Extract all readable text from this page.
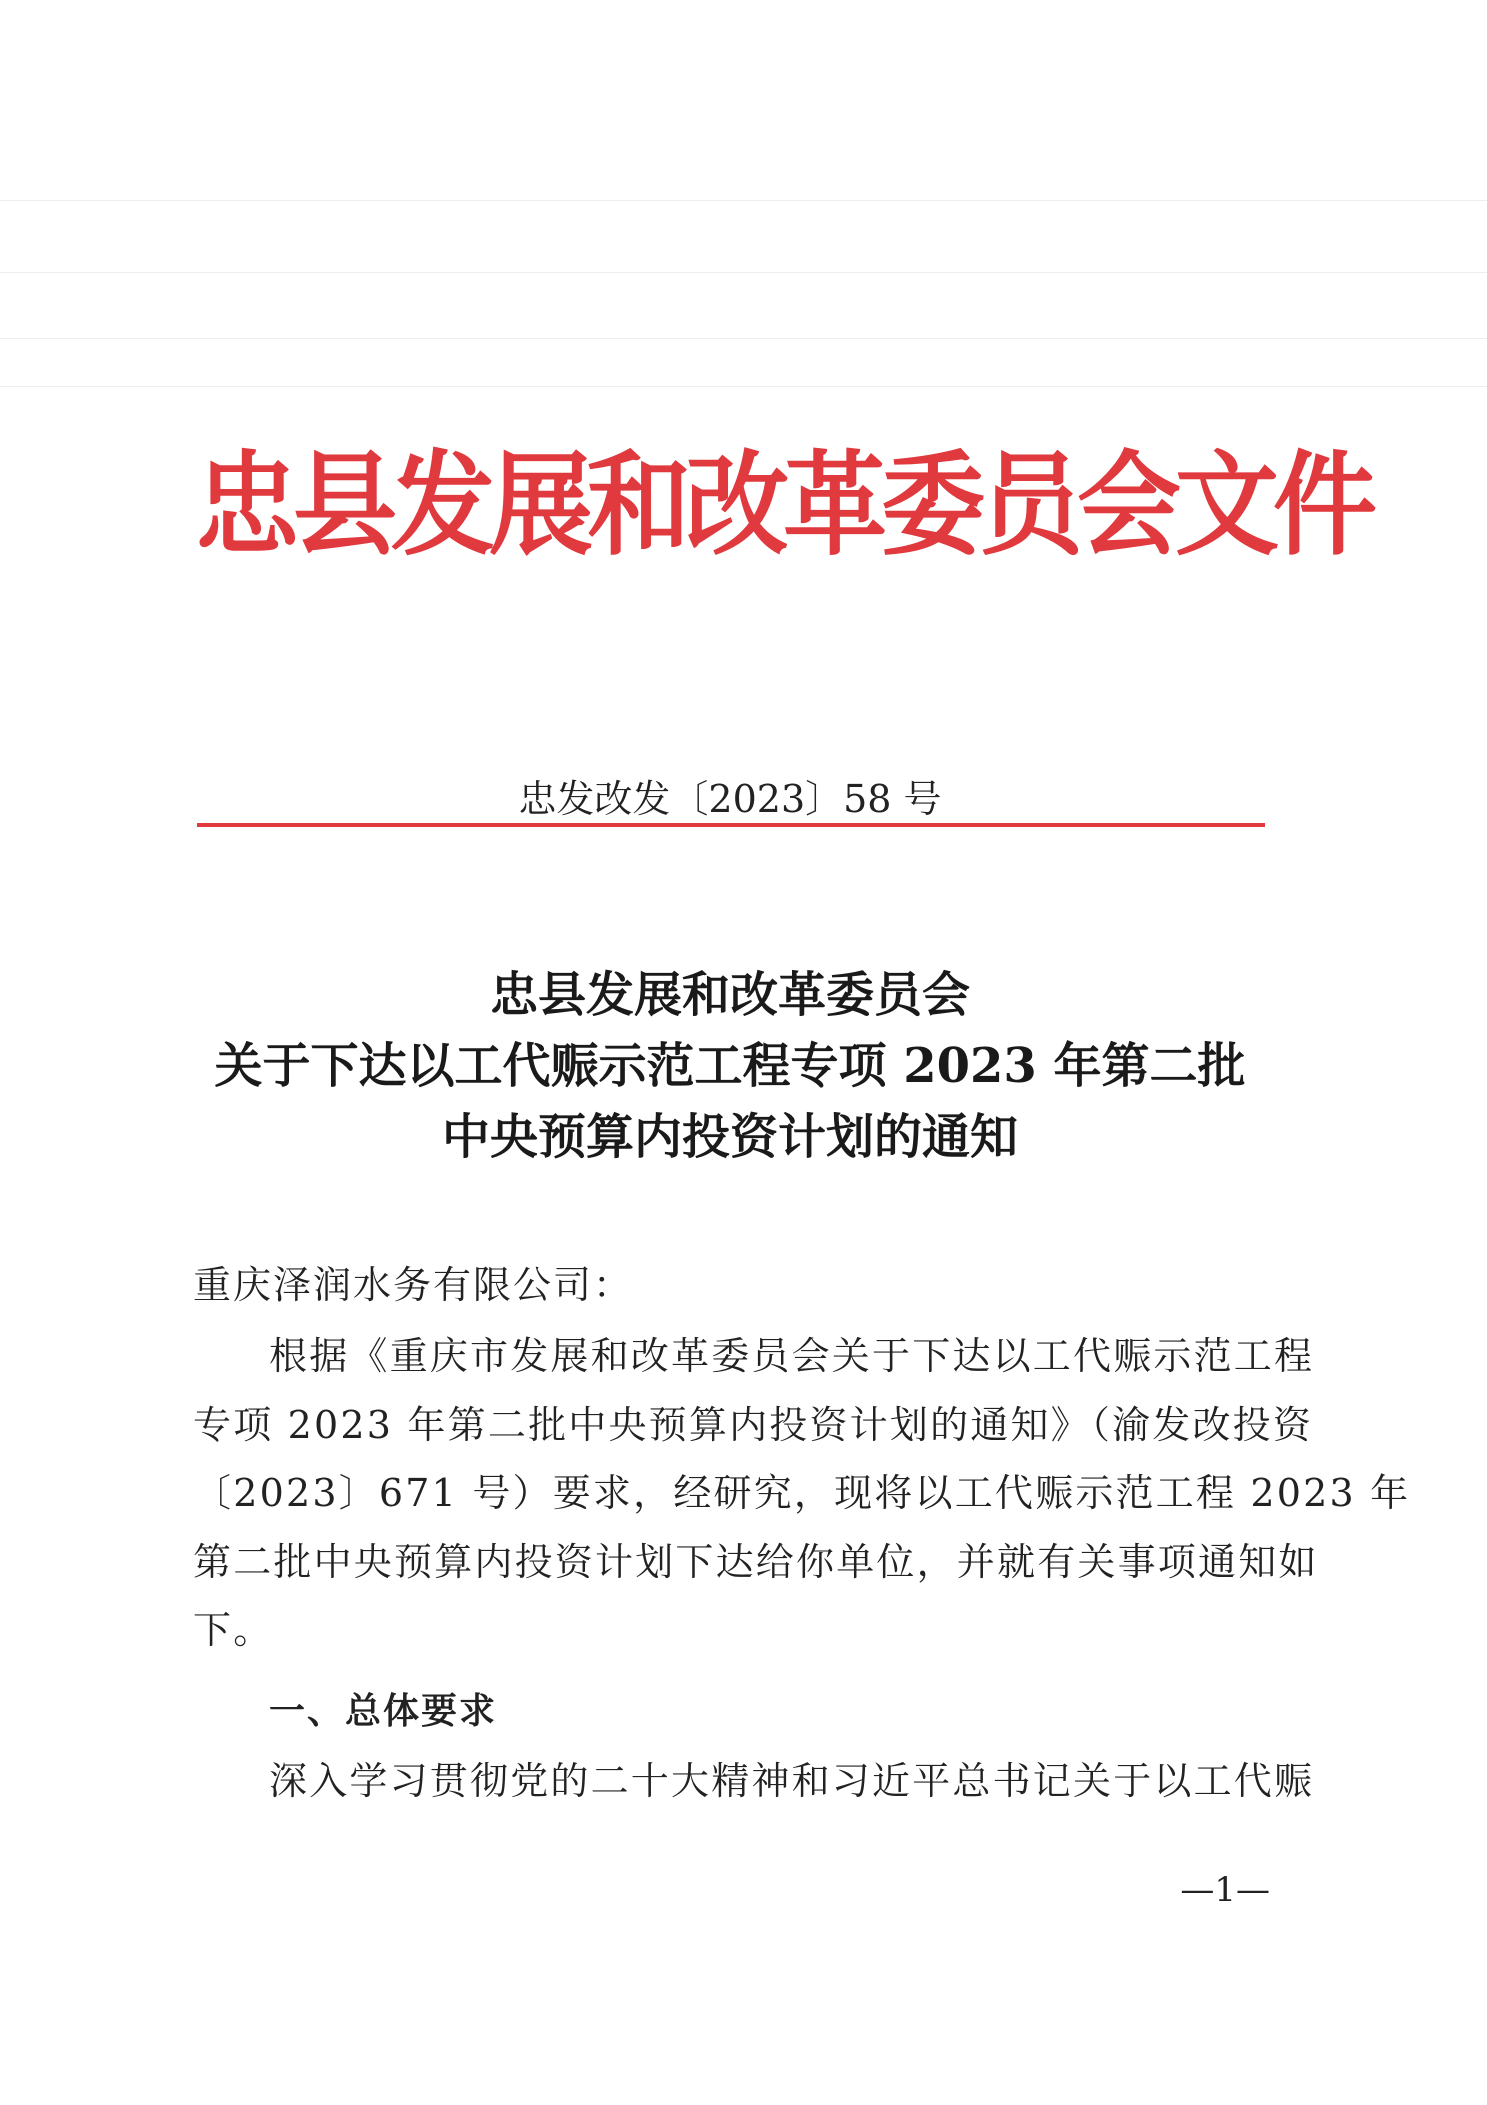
忠县发展和改革委员会文件
忠发改发〔2023〕58 号
忠县发展和改革委员会
关于下达以工代赈示范工程专项 2023 年第二批
中央预算内投资计划的通知
重庆泽润水务有限公司：
根据《重庆市发展和改革委员会关于下达以工代赈示范工程
专项 2023 年第二批中央预算内投资计划的通知》（渝发改投资
〔2023〕671 号）要求，经研究，现将以工代赈示范工程 2023 年
第二批中央预算内投资计划下达给你单位，并就有关事项通知如
下。
一、总体要求
深入学习贯彻党的二十大精神和习近平总书记关于以工代赈
—1—
